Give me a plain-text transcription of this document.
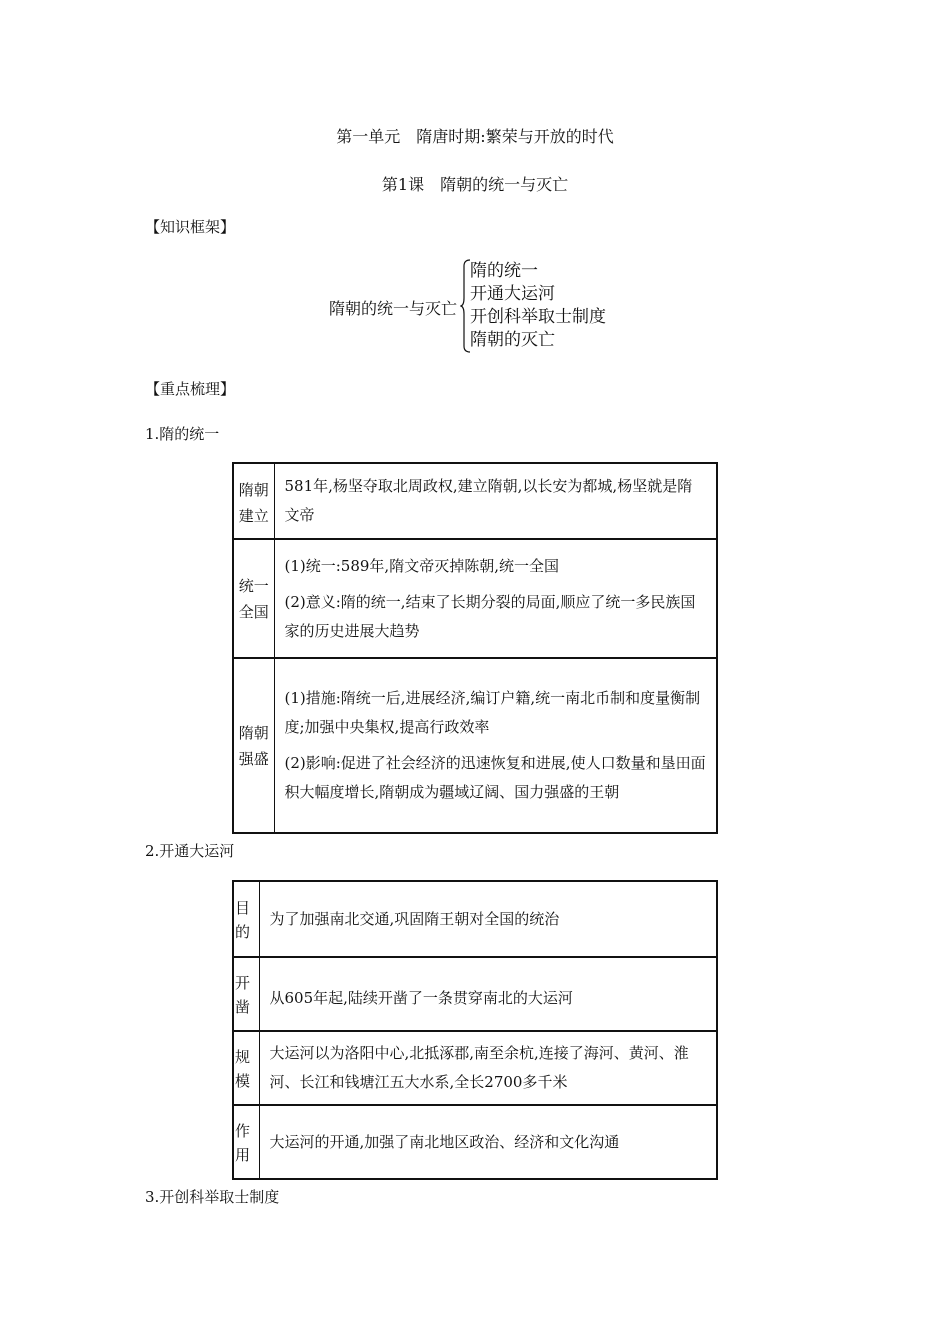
第一单元　隋唐时期:繁荣与开放的时代
第1课　隋朝的统一与灭亡
【知识框架】
隋朝的统一与灭亡
隋的统一
开通大运河
开创科举取士制度
隋朝的灭亡
【重点梳理】
1.隋的统一
隋朝建立	581年,杨坚夺取北周政权,建立隋朝,以长安为都城,杨坚就是隋文帝

统一全国	(1)统一:589年,隋文帝灭掉陈朝,统一全国

(2)意义:隋的统一,结束了长期分裂的局面,顺应了统一多民族国家的历史进展大趋势

隋朝强盛	(1)措施:隋统一后,进展经济,编订户籍,统一南北币制和度量衡制度;加强中央集权,提高行政效率

(2)影响:促进了社会经济的迅速恢复和进展,使人口数量和垦田面积大幅度增长,隋朝成为疆域辽阔、国力强盛的王朝

2.开通大运河
目的	为了加强南北交通,巩固隋王朝对全国的统治

开凿	从605年起,陆续开凿了一条贯穿南北的大运河

规模	大运河以为洛阳中心,北抵涿郡,南至余杭,连接了海河、黄河、淮河、长江和钱塘江五大水系,全长2700多千米

作用	大运河的开通,加强了南北地区政治、经济和文化沟通

3.开创科举取士制度
